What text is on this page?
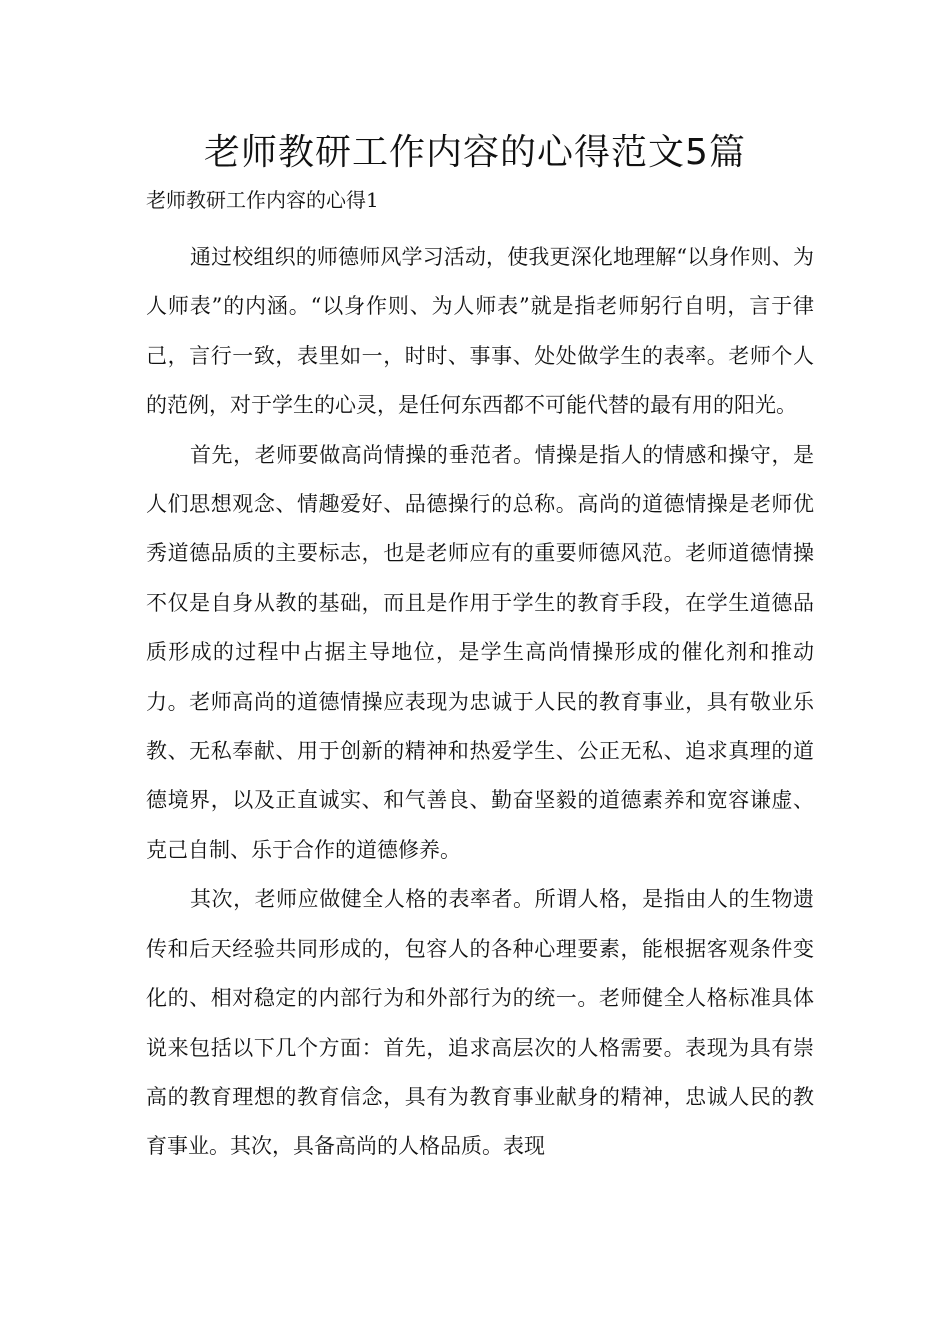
老师教研工作内容的心得范文5篇

老师教研工作内容的心得1

通过校组织的师德师风学习活动，使我更深化地理解“以身作则、为人师表”的内涵。“以身作则、为人师表”就是指老师躬行自明，言于律己，言行一致，表里如一，时时、事事、处处做学生的表率。老师个人的范例，对于学生的心灵，是任何东西都不可能代替的最有用的阳光。

首先，老师要做高尚情操的垂范者。情操是指人的情感和操守，是人们思想观念、情趣爱好、品德操行的总称。高尚的道德情操是老师优秀道德品质的主要标志，也是老师应有的重要师德风范。老师道德情操不仅是自身从教的基础，而且是作用于学生的教育手段，在学生道德品质形成的过程中占据主导地位，是学生高尚情操形成的催化剂和推动力。老师高尚的道德情操应表现为忠诚于人民的教育事业，具有敬业乐教、无私奉献、用于创新的精神和热爱学生、公正无私、追求真理的道德境界，以及正直诚实、和气善良、勤奋坚毅的道德素养和宽容谦虚、克己自制、乐于合作的道德修养。

其次，老师应做健全人格的表率者。所谓人格，是指由人的生物遗传和后天经验共同形成的，包容人的各种心理要素，能根据客观条件变化的、相对稳定的内部行为和外部行为的统一。老师健全人格标准具体说来包括以下几个方面：首先，追求高层次的人格需要。表现为具有崇高的教育理想的教育信念，具有为教育事业献身的精神，忠诚人民的教育事业。其次，具备高尚的人格品质。表现
